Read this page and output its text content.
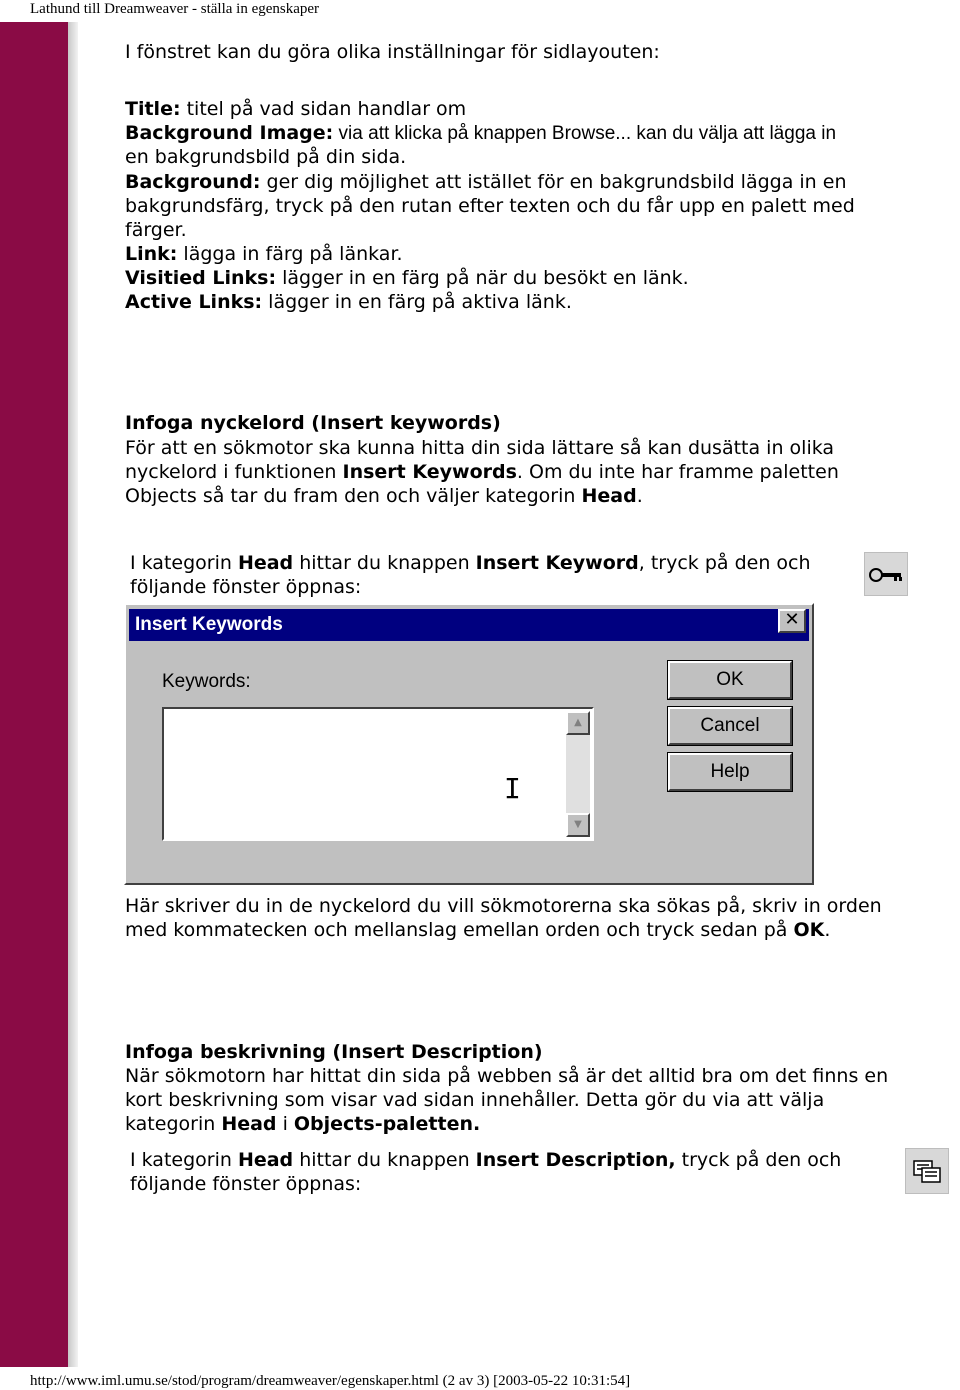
Lathund till Dreamweaver - ställa in egenskaper
I fönstret kan du göra olika inställningar för sidlayouten:
Title: titel på vad sidan handlar om
Background Image: via att klicka på knappen Browse... kan du välja att lägga in
en bakgrundsbild på din sida.
Background: ger dig möjlighet att istället för en bakgrundsbild lägga in en
bakgrundsfärg, tryck på den rutan efter texten och du får upp en palett med
färger.
Link: lägga in färg på länkar.
Visitied Links: lägger in en färg på när du besökt en länk.
Active Links: lägger in en färg på aktiva länk.
Infoga nyckelord (Insert keywords)
För att en sökmotor ska kunna hitta din sida lättare så kan dusätta in olika
nyckelord i funktionen Insert Keywords. Om du inte har framme paletten
Objects så tar du fram den och väljer kategorin Head.
I kategorin Head hittar du knappen Insert Keyword, tryck på den och
följande fönster öppnas:
Insert Keywords	✕
Keywords:
I
▲
▼
OK
Cancel
Help
Här skriver du in de nyckelord du vill sökmotorerna ska sökas på, skriv in orden
med kommatecken och mellanslag emellan orden och tryck sedan på OK.
Infoga beskrivning (Insert Description)
När sökmotorn har hittat din sida på webben så är det alltid bra om det finns en
kort beskrivning som visar vad sidan innehåller. Detta gör du via att välja
kategorin Head i Objects-paletten.
I kategorin Head hittar du knappen Insert Description, tryck på den och
följande fönster öppnas:
http://www.iml.umu.se/stod/program/dreamweaver/egenskaper.html (2 av 3) [2003-05-22 10:31:54]
